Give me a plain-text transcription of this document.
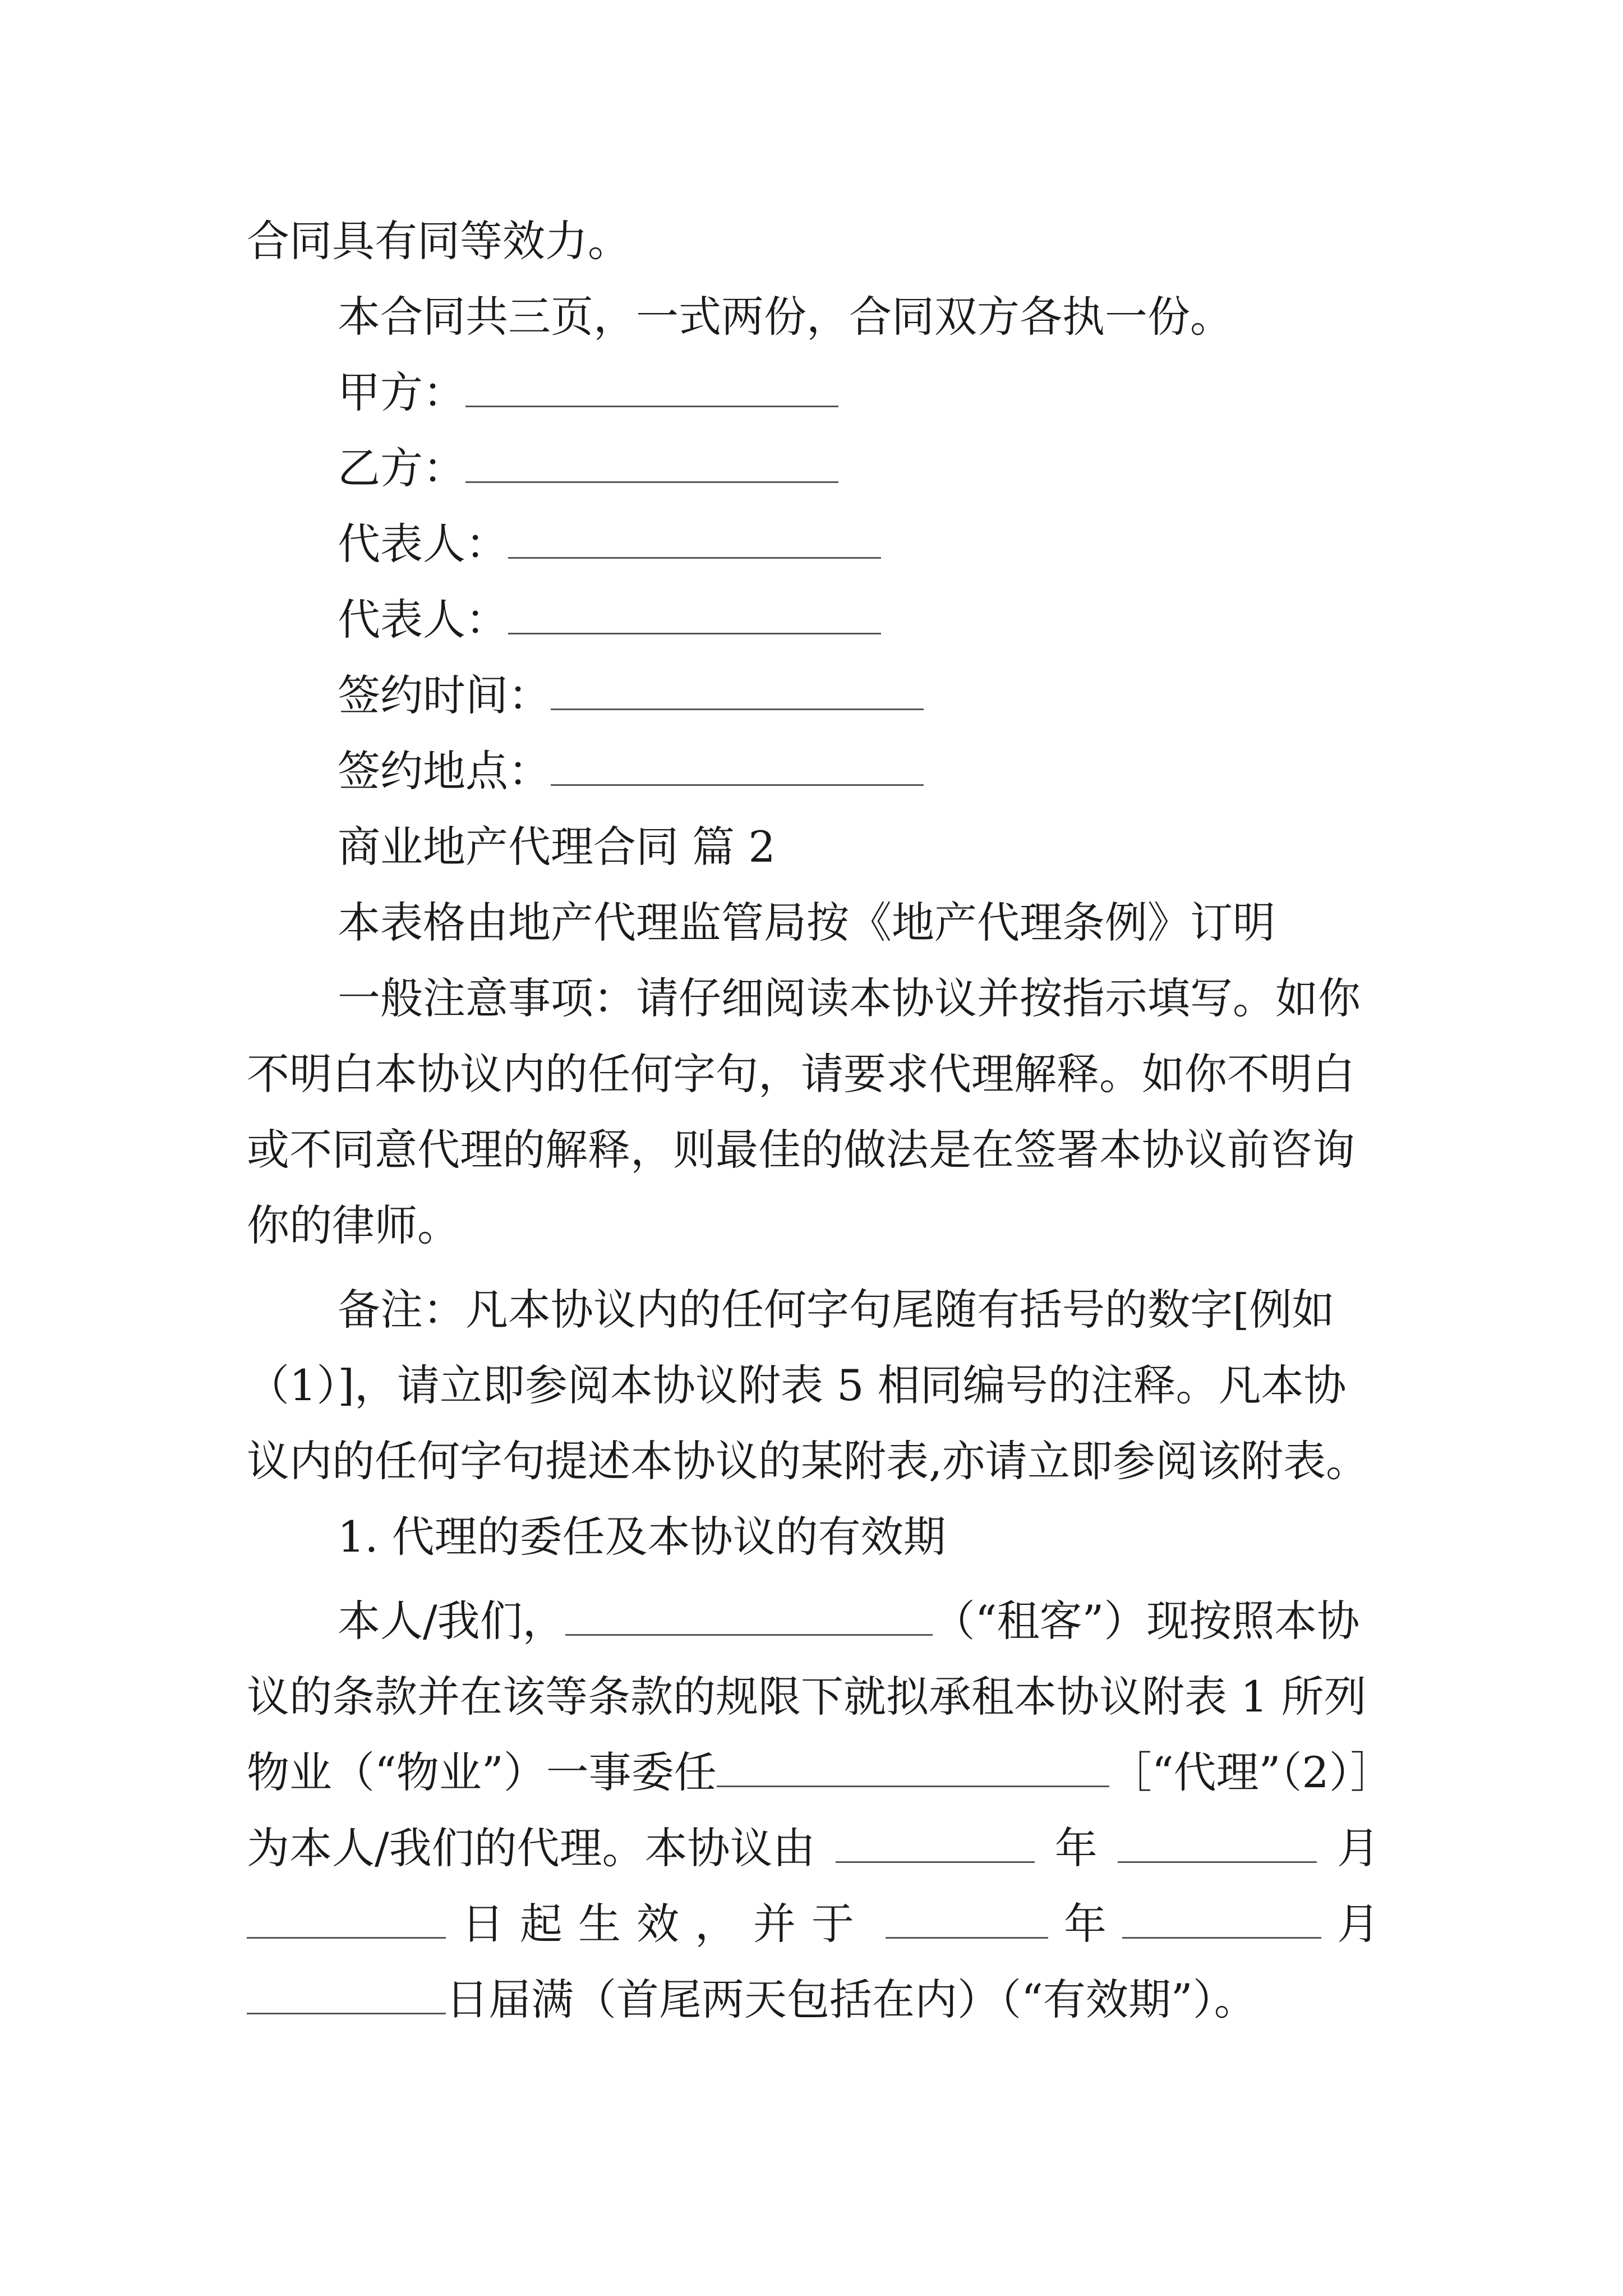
合同具有同等效力。
本合同共三页，一式两份，合同双方各执一份。
甲方：
乙方：
代表人：
代表人：
签约时间：
签约地点：
商业地产代理合同 篇 2
本表格由地产代理监管局按《地产代理条例》订明
一般注意事项：请仔细阅读本协议并按指示填写。如你
不明白本协议内的任何字句，请要求代理解释。如你不明白
或不同意代理的解释，则最佳的做法是在签署本协议前咨询
你的律师。
备注：凡本协议内的任何字句尾随有括号的数字[例如
（1）]，请立即参阅本协议附表 5 相同编号的注释。凡本协
议内的任何字句提述本协议的某附表,亦请立即参阅该附表。
1. 代理的委任及本协议的有效期
本人/我们，	（“租客”）现按照本协
议的条款并在该等条款的规限下就拟承租本协议附表 1 所列
物业（“物业”）一事委任	［“代理”（2）］
为本人/我们的代理。本协议由	年	月
日起生效，并于	年	月
日届满（首尾两天包括在内）（“有效期”）。
